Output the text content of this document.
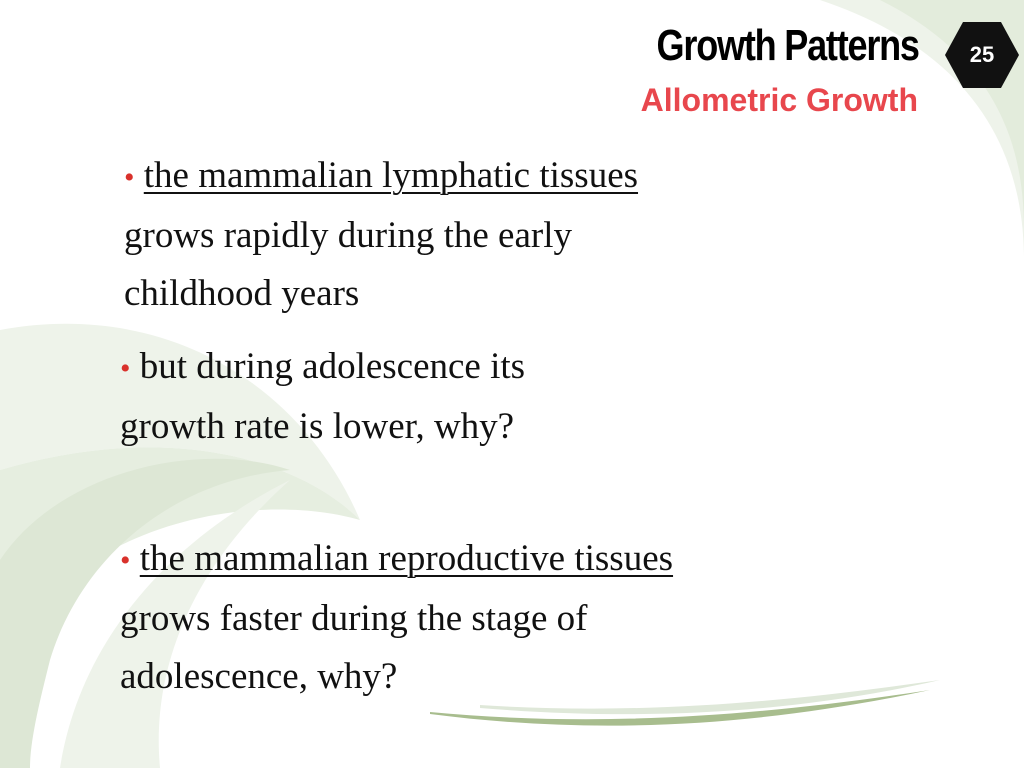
Growth Patterns
Allometric Growth
25
• the mammalian lymphatic tissues
grows rapidly during the early
childhood years
• but during adolescence its
growth rate is lower, why?
• the mammalian reproductive tissues
grows faster during the stage of
adolescence, why?
